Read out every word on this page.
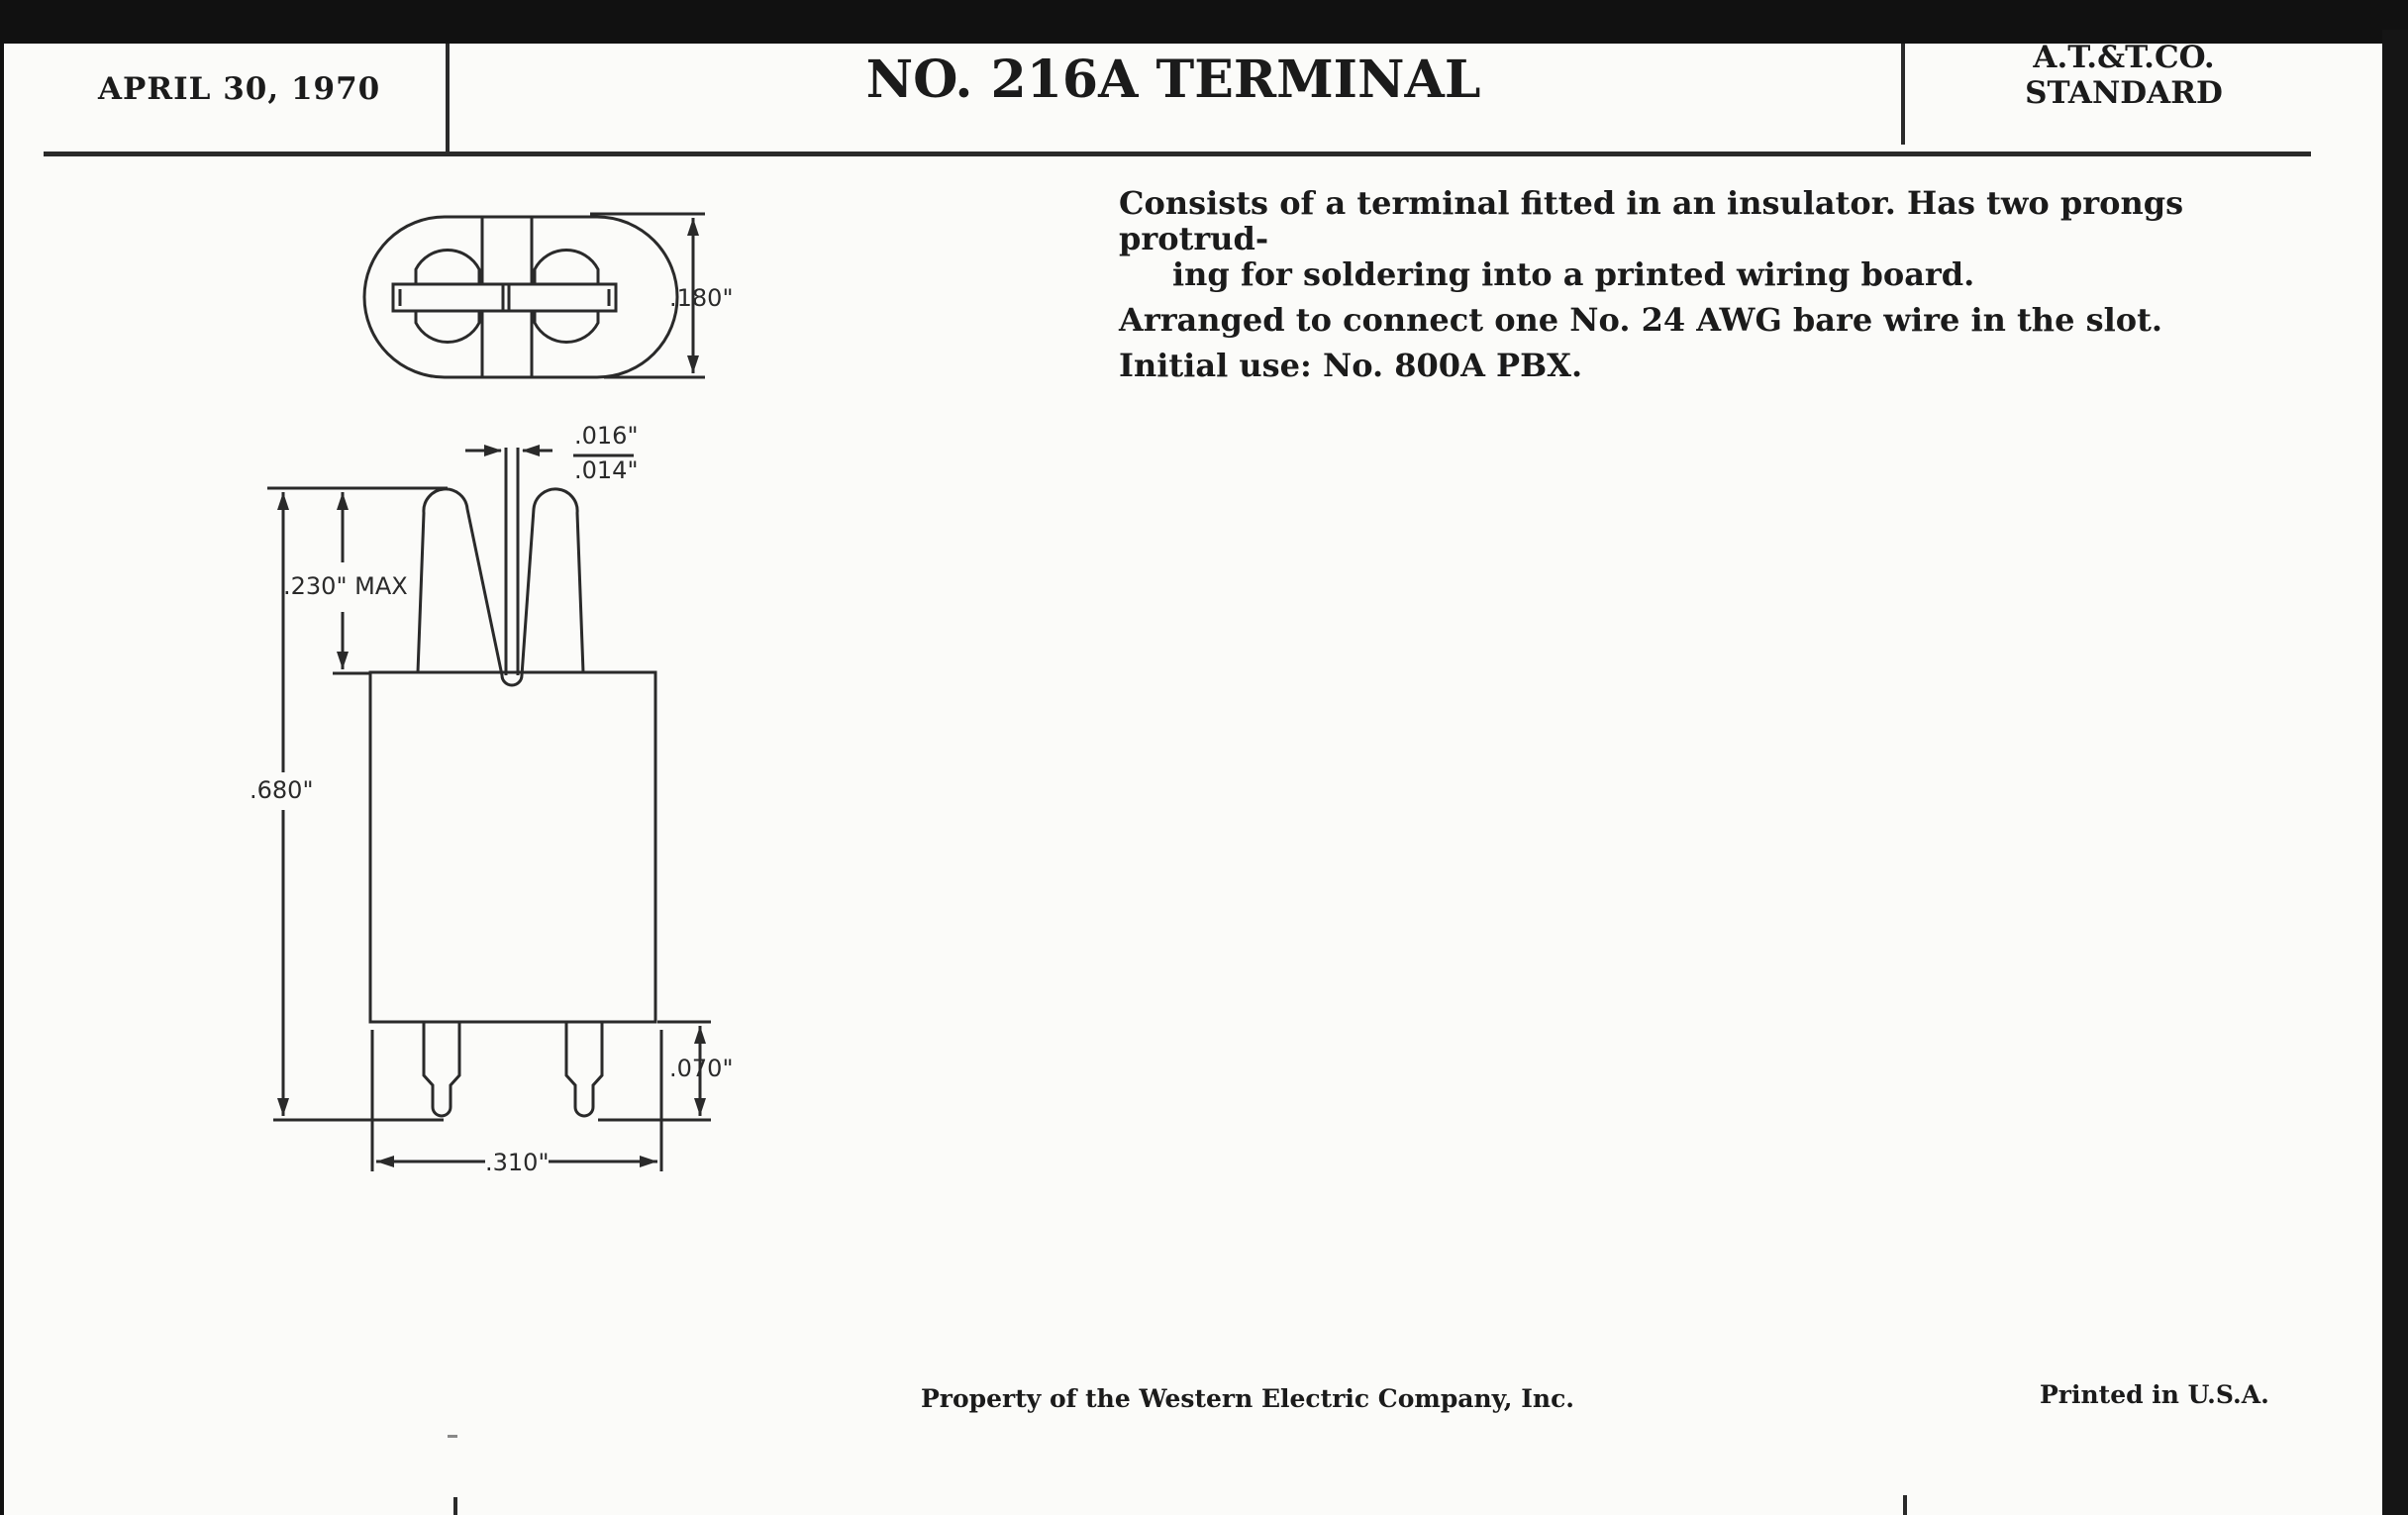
APRIL 30, 1970	NO. 216A TERMINAL	A.T.&T.CO.
STANDARD

Consists of a terminal fitted in an insulator. Has two prongs protrud-

ing for soldering into a printed wiring board.

Arranged to connect one No. 24 AWG bare wire in the slot.

Initial use: No. 800A PBX.

.180"
.016"
.014"
.230" MAX
.680"
.070"
.310"
Property of the Western Electric Company, Inc.	Printed in U.S.A.
